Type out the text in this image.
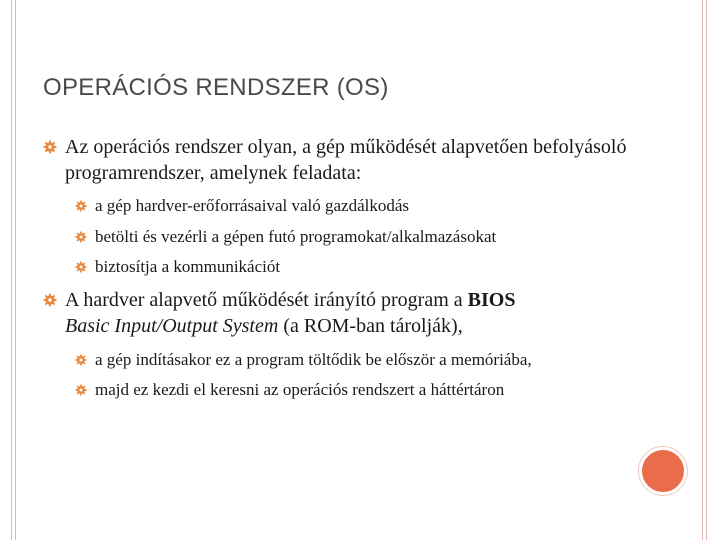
OPERÁCIÓS RENDSZER (OS)
Az operációs rendszer olyan, a gép működését alapvetően befolyásoló programrendszer, amelynek feladata:
a gép hardver-erőforrásaival való gazdálkodás
betölti és vezérli a gépen futó programokat/alkalmazásokat
biztosítja a kommunikációt
A hardver alapvető működését irányító program a BIOS
Basic Input/Output System (a ROM-ban tárolják),
a gép indításakor ez a program töltődik be először a memóriába,
majd ez kezdi el keresni az operációs rendszert a háttértáron
